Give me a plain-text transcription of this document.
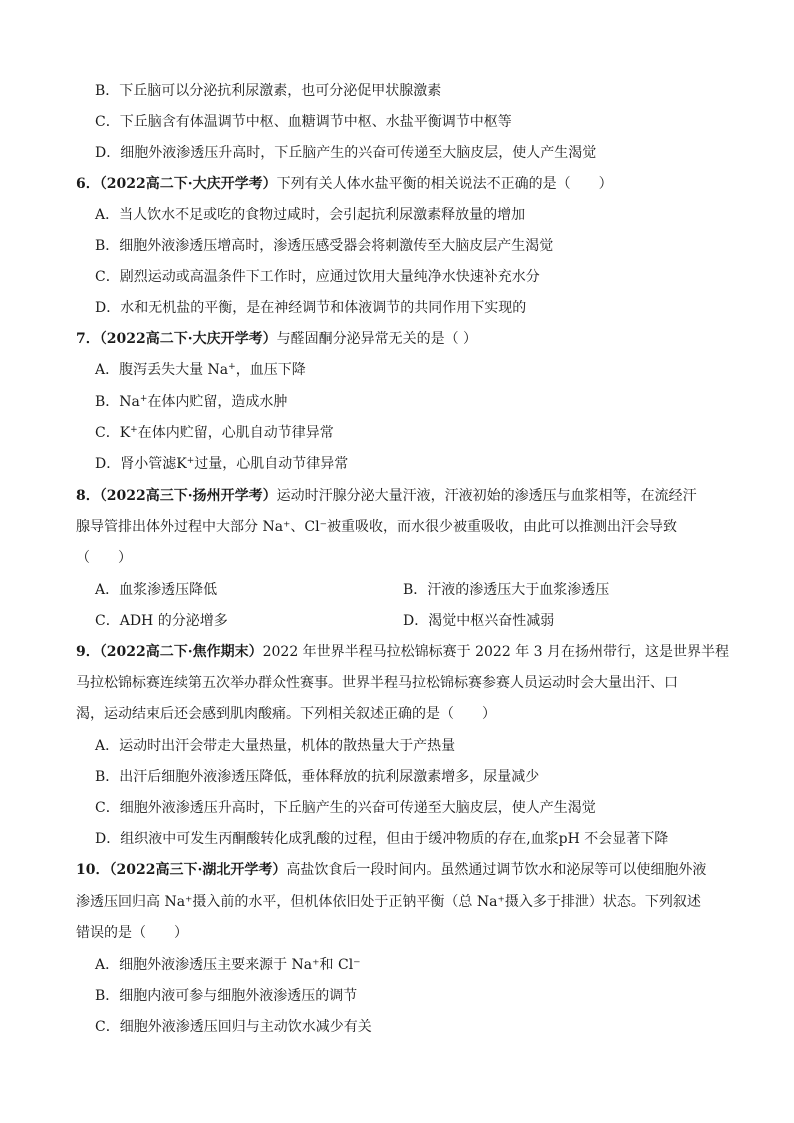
B．下丘脑可以分泌抗利尿激素，也可分泌促甲状腺激素
C．下丘脑含有体温调节中枢、血糖调节中枢、水盐平衡调节中枢等
D．细胞外液渗透压升高时，下丘脑产生的兴奋可传递至大脑皮层，使人产生渴觉
6．（2022高二下·大庆开学考）下列有关人体水盐平衡的相关说法不正确的是（　　）
A．当人饮水不足或吃的食物过咸时，会引起抗利尿激素释放量的增加
B．细胞外液渗透压增高时，渗透压感受器会将刺激传至大脑皮层产生渴觉
C．剧烈运动或高温条件下工作时，应通过饮用大量纯净水快速补充水分
D．水和无机盐的平衡，是在神经调节和体液调节的共同作用下实现的
7．（2022高二下·大庆开学考）与醛固酮分泌异常无关的是（ ）
A．腹泻丢失大量 Na+，血压下降
B．Na+在体内贮留，造成水肿
C．K+在体内贮留，心肌自动节律异常
D．肾小管滤K+过量，心肌自动节律异常
8．（2022高三下·扬州开学考）运动时汗腺分泌大量汗液，汗液初始的渗透压与血浆相等，在流经汗
腺导管排出体外过程中大部分 Na⁺、Cl⁻被重吸收，而水很少被重吸收，由此可以推测出汗会导致
（　　）
A．血浆渗透压降低	B．汗液的渗透压大于血浆渗透压
C．ADH 的分泌增多	D．渴觉中枢兴奋性减弱
9．（2022高二下·焦作期末）2022 年世界半程马拉松锦标赛于 2022 年 3 月在扬州带行，这是世界半程
马拉松锦标赛连续第五次举办群众性赛事。世界半程马拉松锦标赛参赛人员运动时会大量出汗、口
渴，运动结束后还会感到肌肉酸痛。下列相关叙述正确的是（　　）
A．运动时出汗会带走大量热量，机体的散热量大于产热量
B．出汗后细胞外液渗透压降低，垂体释放的抗利尿激素增多，尿量减少
C．细胞外液渗透压升高时，下丘脑产生的兴奋可传递至大脑皮层，使人产生渴觉
D．组织液中可发生丙酮酸转化成乳酸的过程，但由于缓冲物质的存在,血浆pH 不会显著下降
10．（2022高三下·湖北开学考）高盐饮食后一段时间内。虽然通过调节饮水和泌尿等可以使细胞外液
渗透压回归高 Na⁺摄入前的水平，但机体依旧处于正钠平衡（总 Na⁺摄入多于排泄）状态。下列叙述
错误的是（　　）
A．细胞外液渗透压主要来源于 Na⁺和 Cl⁻
B．细胞内液可参与细胞外液渗透压的调节
C．细胞外液渗透压回归与主动饮水减少有关
